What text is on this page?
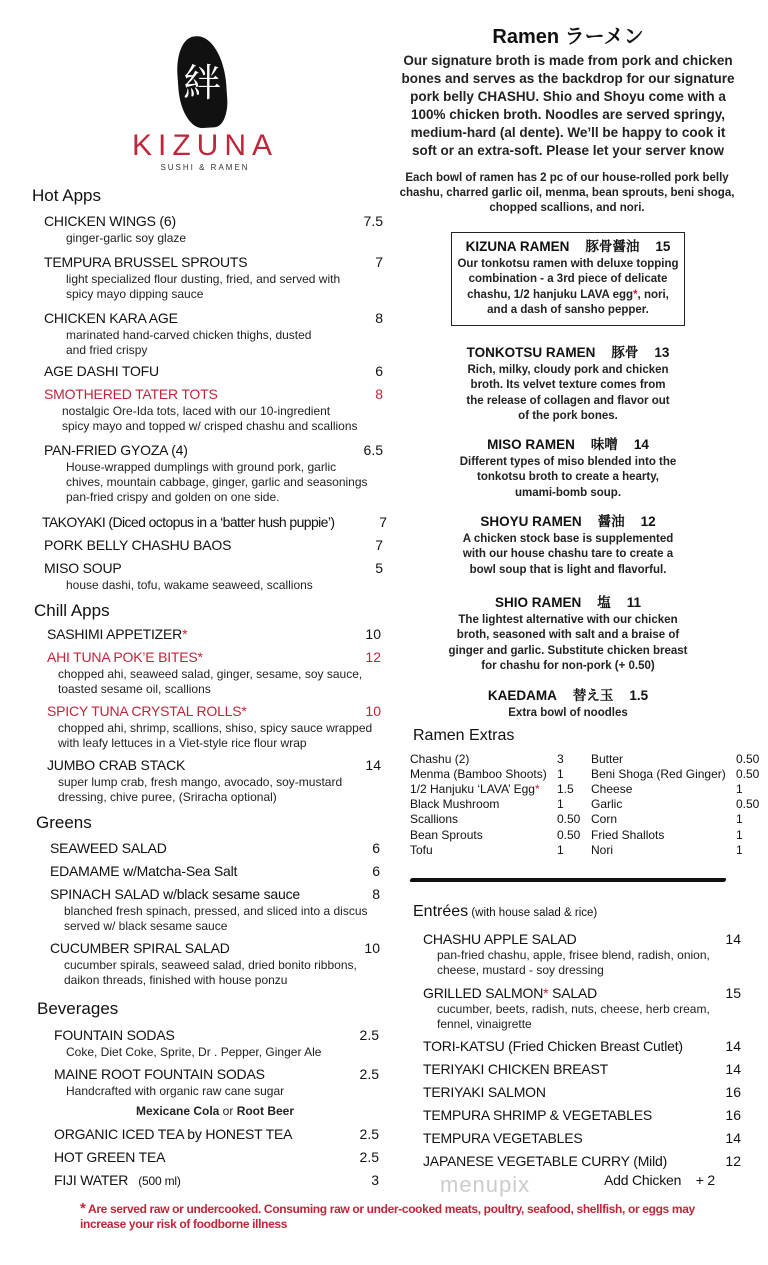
絆
KIZUNA
SUSHI & RAMEN
menupix
Hot Apps
CHICKEN WINGS (6)	7.5
ginger-garlic soy glaze
TEMPURA BRUSSEL SPROUTS	7
light specialized flour dusting, fried, and served with
spicy mayo dipping sauce
CHICKEN KARA AGE	8
marinated hand-carved chicken thighs, dusted
and fried crispy
AGE DASHI TOFU	6
SMOTHERED TATER TOTS	8
nostalgic Ore-Ida tots, laced with our 10-ingredient
spicy mayo and topped w/ crisped chashu and scallions
PAN-FRIED GYOZA (4)	6.5
House-wrapped dumplings with ground pork, garlic
chives, mountain cabbage, ginger, garlic and seasonings
pan-fried crispy and golden on one side.
TAKOYAKI (Diced octopus in a ‘batter hush puppie’)	7
PORK BELLY CHASHU BAOS	7
MISO SOUP	5
house dashi, tofu, wakame seaweed, scallions
Chill Apps
SASHIMI APPETIZER*	10
AHI TUNA POK’E BITES*	12
chopped ahi, seaweed salad, ginger, sesame, soy sauce,
toasted sesame oil, scallions
SPICY TUNA CRYSTAL ROLLS*	10
chopped ahi, shrimp, scallions, shiso, spicy sauce wrapped
with leafy lettuces in a Viet-style rice flour wrap
JUMBO CRAB STACK	14
super lump crab, fresh mango, avocado, soy-mustard
dressing, chive puree, (Sriracha optional)
Greens
SEAWEED SALAD	6
EDAMAME w/Matcha-Sea Salt	6
SPINACH SALAD w/black sesame sauce	8
blanched fresh spinach, pressed, and sliced into a discus
served w/ black sesame sauce
CUCUMBER SPIRAL SALAD	10
cucumber spirals, seaweed salad, dried bonito ribbons,
daikon threads, finished with house ponzu
Beverages
FOUNTAIN SODAS	2.5
Coke, Diet Coke, Sprite, Dr . Pepper, Ginger Ale
MAINE ROOT FOUNTAIN SODAS	2.5
Handcrafted with organic raw cane sugar
Mexicane Cola or Root Beer
ORGANIC ICED TEA by HONEST TEA	2.5
HOT GREEN TEA	2.5
FIJI WATER (500 ml)	3
* Are served raw or undercooked. Consuming raw or under-cooked meats, poultry, seafood, shellfish, or eggs may
increase your risk of foodborne illness
Ramen ラーメン
Our signature broth is made from pork and chicken
bones and serves as the backdrop for our signature
pork belly CHASHU. Shio and Shoyu come with a
100% chicken broth. Noodles are served springy,
medium-hard (al dente). We’ll be happy to cook it
soft or an extra-soft. Please let your server know
Each bowl of ramen has 2 pc of our house-rolled pork belly
chashu, charred garlic oil, menma, bean sprouts, beni shoga,
chopped scallions, and nori.
KIZUNA RAMEN 豚骨醤油 15
Our tonkotsu ramen with deluxe topping
combination - a 3rd piece of delicate
chashu, 1/2 hanjuku LAVA egg*, nori,
and a dash of sansho pepper.
TONKOTSU RAMEN 豚骨 13
Rich, milky, cloudy pork and chicken
broth. Its velvet texture comes from
the release of collagen and flavor out
of the pork bones.
MISO RAMEN 味噌 14
Different types of miso blended into the
tonkotsu broth to create a hearty,
umami-bomb soup.
SHOYU RAMEN 醤油 12
A chicken stock base is supplemented
with our house chashu tare to create a
bowl soup that is light and flavorful.
SHIO RAMEN 塩 11
The lightest alternative with our chicken
broth, seasoned with salt and a braise of
ginger and garlic. Substitute chicken breast
for chashu for non-pork (+ 0.50)
KAEDAMA 替え玉 1.5
Extra bowl of noodles
Ramen Extras
Chashu (2)	3
Menma (Bamboo Shoots) 1
1/2 Hanjuku ‘LAVA’ Egg* 1.5
Black Mushroom	1
Scallions	0.50
Bean Sprouts	0.50
Tofu	1
Butter	0.50
Beni Shoga (Red Ginger) 0.50
Cheese	1
Garlic	0.50
Corn	1
Fried Shallots	1
Nori	1
Entrées (with house salad & rice)
CHASHU APPLE SALAD	14
pan-fried chashu, apple, frisee blend, radish, onion,
cheese, mustard - soy dressing
GRILLED SALMON* SALAD	15
cucumber, beets, radish, nuts, cheese, herb cream,
fennel, vinaigrette
TORI-KATSU (Fried Chicken Breast Cutlet)	14
TERIYAKI CHICKEN BREAST	14
TERIYAKI SALMON	16
TEMPURA SHRIMP & VEGETABLES	16
TEMPURA VEGETABLES	14
JAPANESE VEGETABLE CURRY (Mild)	12
Add Chicken + 2
